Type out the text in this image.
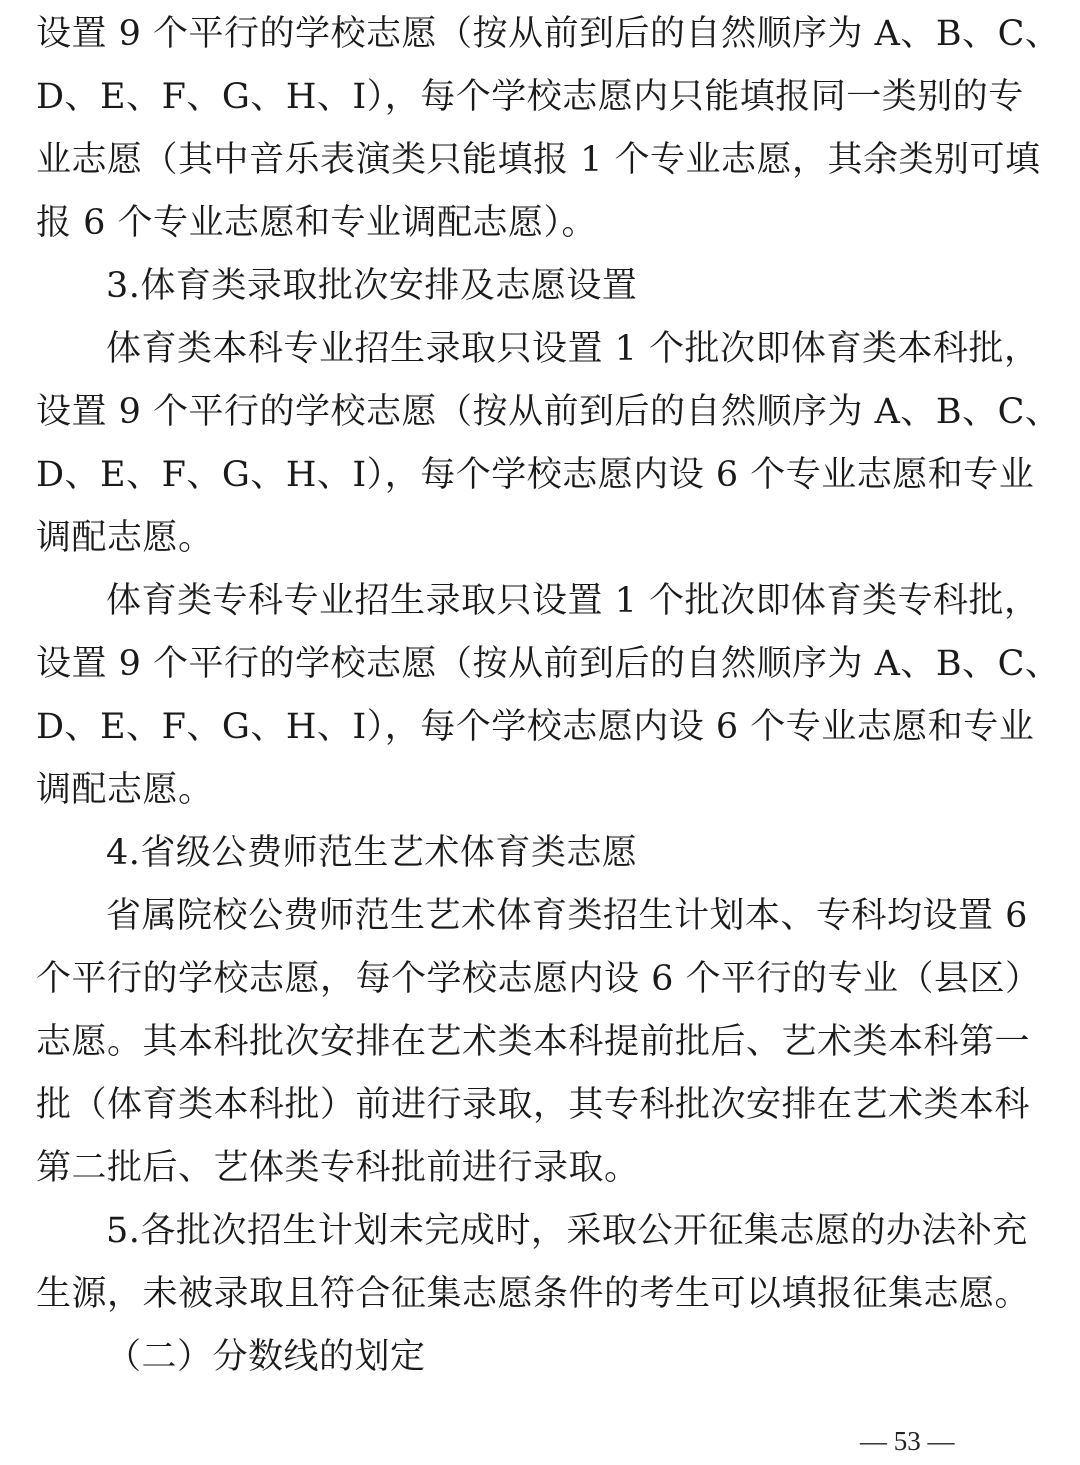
设置 9 个平行的学校志愿（按从前到后的自然顺序为 A、B、C、
D、E、F、G、H、I），每个学校志愿内只能填报同一类别的专
业志愿（其中音乐表演类只能填报 1 个专业志愿，其余类别可填
报 6 个专业志愿和专业调配志愿）。
3.体育类录取批次安排及志愿设置
体育类本科专业招生录取只设置 1 个批次即体育类本科批，
设置 9 个平行的学校志愿（按从前到后的自然顺序为 A、B、C、
D、E、F、G、H、I），每个学校志愿内设 6 个专业志愿和专业
调配志愿。
体育类专科专业招生录取只设置 1 个批次即体育类专科批，
设置 9 个平行的学校志愿（按从前到后的自然顺序为 A、B、C、
D、E、F、G、H、I），每个学校志愿内设 6 个专业志愿和专业
调配志愿。
4.省级公费师范生艺术体育类志愿
省属院校公费师范生艺术体育类招生计划本、专科均设置 6
个平行的学校志愿，每个学校志愿内设 6 个平行的专业（县区）
志愿。其本科批次安排在艺术类本科提前批后、艺术类本科第一
批（体育类本科批）前进行录取，其专科批次安排在艺术类本科
第二批后、艺体类专科批前进行录取。
5.各批次招生计划未完成时，采取公开征集志愿的办法补充
生源，未被录取且符合征集志愿条件的考生可以填报征集志愿。
（二）分数线的划定
— 53 —
